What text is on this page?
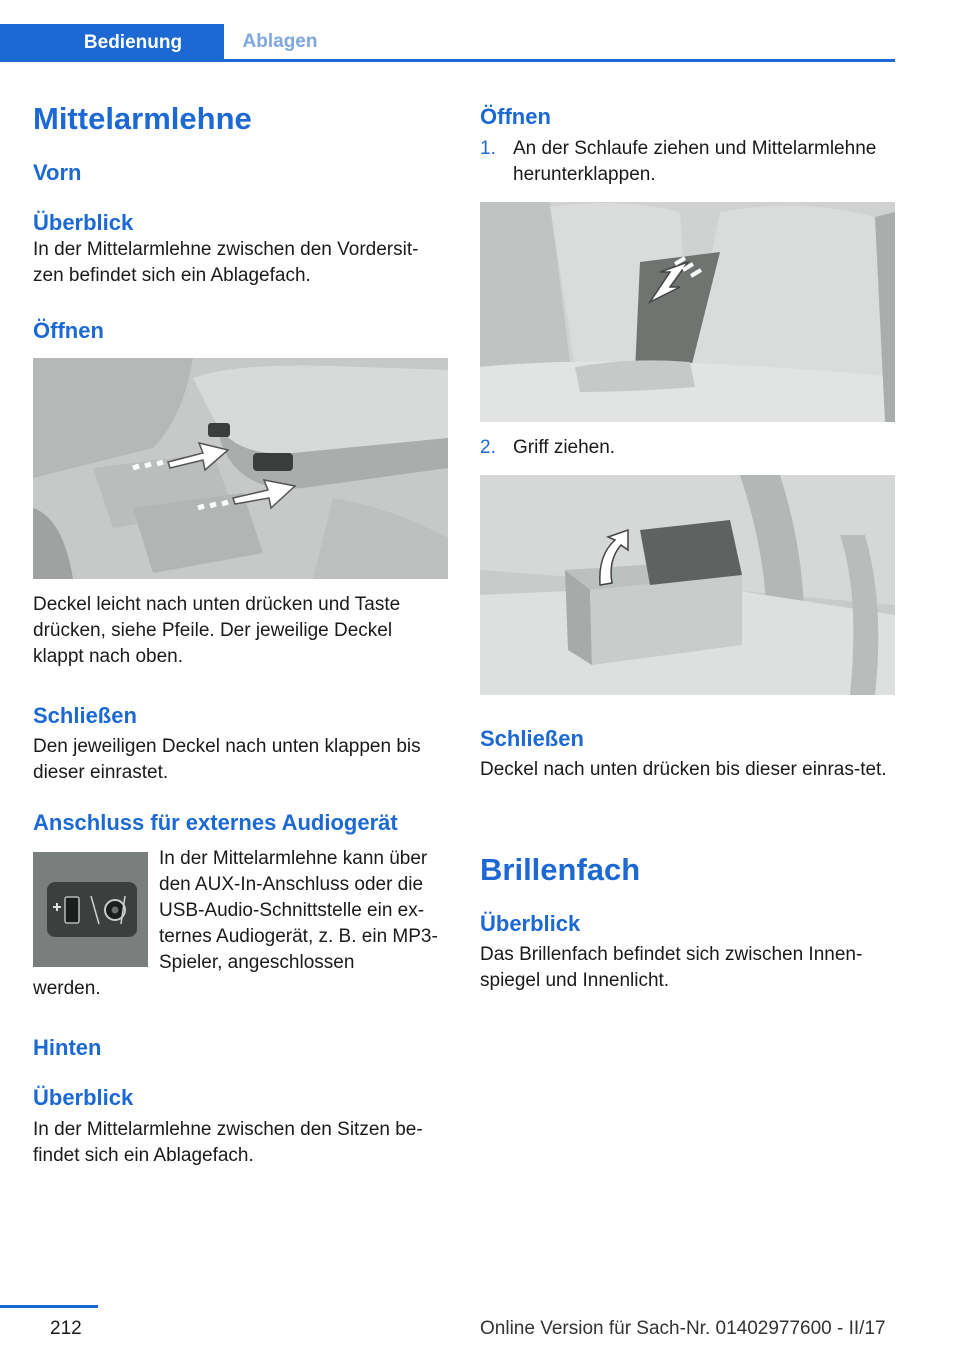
Bedienung	Ablagen
Mittelarmlehne
Vorn
Überblick

In der Mittelarmlehne zwischen den Vordersit-zen befindet sich ein Ablagefach.

Öffnen

Deckel leicht nach unten drücken und Taste drücken, siehe Pfeile. Der jeweilige Deckel klappt nach oben.

Schließen

Den jeweiligen Deckel nach unten klappen bis dieser einrastet.

Anschluss für externes Audiogerät

In der Mittelarmlehne kann über den AUX-In-Anschluss oder die USB-Audio-Schnittstelle ein ex-ternes Audiogerät, z. B. ein MP3-Spieler, angeschlossen

werden.

Hinten
Überblick

In der Mittelarmlehne zwischen den Sitzen be-findet sich ein Ablagefach.

Öffnen
1. An der Schlaufe ziehen und Mittelarmlehne herunterklappen.

2. Griff ziehen.

Schließen

Deckel nach unten drücken bis dieser einras-tet.

Brillenfach
Überblick

Das Brillenfach befindet sich zwischen Innen-spiegel und Innenlicht.

212	Online Version für Sach-Nr. 01402977600 - II/17
